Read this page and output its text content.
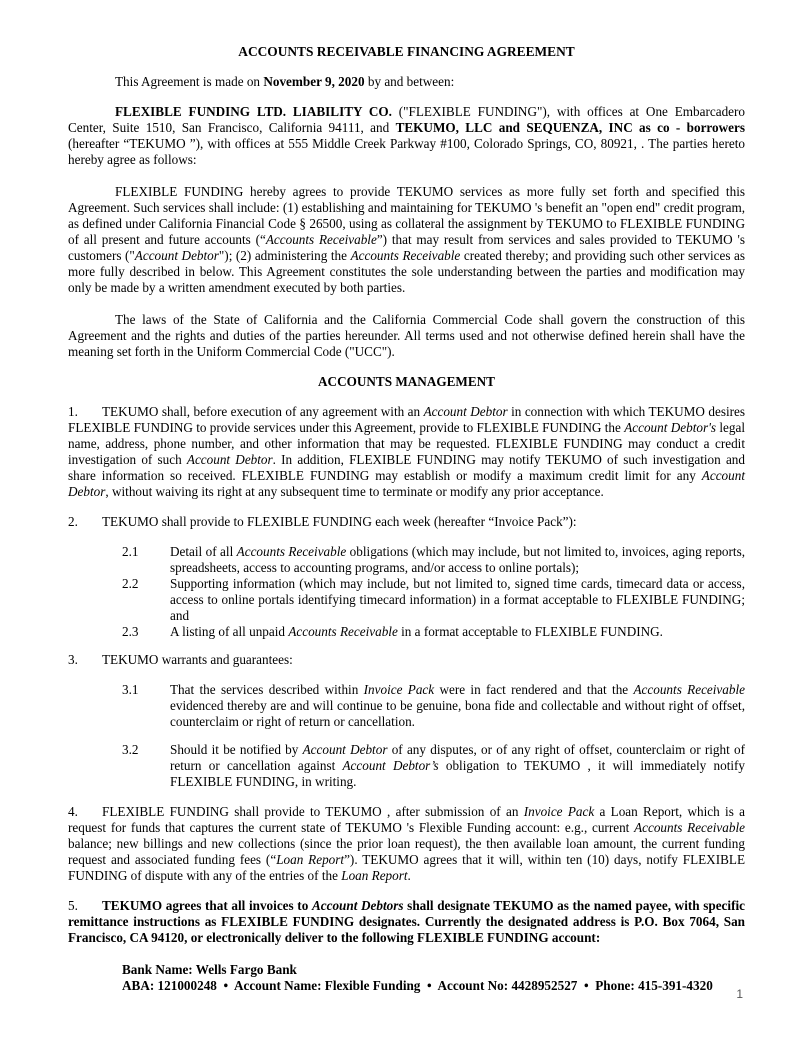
ACCOUNTS RECEIVABLE FINANCING AGREEMENT

This Agreement is made on November 9, 2020 by and between:

FLEXIBLE FUNDING LTD. LIABILITY CO. ("FLEXIBLE FUNDING"), with offices at One Embarcadero Center, Suite 1510, San Francisco, California 94111, and TEKUMO, LLC and SEQUENZA, INC as co - borrowers (hereafter “TEKUMO ”), with offices at 555 Middle Creek Parkway #100, Colorado Springs, CO, 80921, . The parties hereto hereby agree as follows:

FLEXIBLE FUNDING hereby agrees to provide TEKUMO services as more fully set forth and specified this Agreement. Such services shall include: (1) establishing and maintaining for TEKUMO 's benefit an "open end" credit program, as defined under California Financial Code § 26500, using as collateral the assignment by TEKUMO to FLEXIBLE FUNDING of all present and future accounts (“Accounts Receivable”) that may result from services and sales provided to TEKUMO 's customers ("Account Debtor"); (2) administering the Accounts Receivable created thereby; and providing such other services as more fully described in below. This Agreement constitutes the sole understanding between the parties and modification may only be made by a written amendment executed by both parties.

The laws of the State of California and the California Commercial Code shall govern the construction of this Agreement and the rights and duties of the parties hereunder. All terms used and not otherwise defined herein shall have the meaning set forth in the Uniform Commercial Code ("UCC").

ACCOUNTS MANAGEMENT

1. TEKUMO shall, before execution of any agreement with an Account Debtor in connection with which TEKUMO desires FLEXIBLE FUNDING to provide services under this Agreement, provide to FLEXIBLE FUNDING the Account Debtor's legal name, address, phone number, and other information that may be requested. FLEXIBLE FUNDING may conduct a credit investigation of such Account Debtor. In addition, FLEXIBLE FUNDING may notify TEKUMO of such investigation and share information so received. FLEXIBLE FUNDING may establish or modify a maximum credit limit for any Account Debtor, without waiving its right at any subsequent time to terminate or modify any prior acceptance.

2. TEKUMO shall provide to FLEXIBLE FUNDING each week (hereafter “Invoice Pack”):

2.1	Detail of all Accounts Receivable obligations (which may include, but not limited to, invoices, aging reports, spreadsheets, access to accounting programs, and/or access to online portals);
2.2	Supporting information (which may include, but not limited to, signed time cards, timecard data or access, access to online portals identifying timecard information) in a format acceptable to FLEXIBLE FUNDING; and
2.3	A listing of all unpaid Accounts Receivable in a format acceptable to FLEXIBLE FUNDING.

3. TEKUMO warrants and guarantees:

3.1	That the services described within Invoice Pack were in fact rendered and that the Accounts Receivable evidenced thereby are and will continue to be genuine, bona fide and collectable and without right of offset, counterclaim or right of return or cancellation.
3.2	Should it be notified by Account Debtor of any disputes, or of any right of offset, counterclaim or right of return or cancellation against Account Debtor’s obligation to TEKUMO , it will immediately notify FLEXIBLE FUNDING, in writing.

4. FLEXIBLE FUNDING shall provide to TEKUMO , after submission of an Invoice Pack a Loan Report, which is a request for funds that captures the current state of TEKUMO 's Flexible Funding account: e.g., current Accounts Receivable balance; new billings and new collections (since the prior loan request), the then available loan amount, the current funding request and associated funding fees (“Loan Report”). TEKUMO agrees that it will, within ten (10) days, notify FLEXIBLE FUNDING of dispute with any of the entries of the Loan Report.

5. TEKUMO agrees that all invoices to Account Debtors shall designate TEKUMO as the named payee, with specific remittance instructions as FLEXIBLE FUNDING designates. Currently the designated address is P.O. Box 7064, San Francisco, CA 94120, or electronically deliver to the following FLEXIBLE FUNDING account:

Bank Name: Wells Fargo Bank
ABA: 121000248  •  Account Name: Flexible Funding  •  Account No: 4428952527  •  Phone: 415-391-4320
1
